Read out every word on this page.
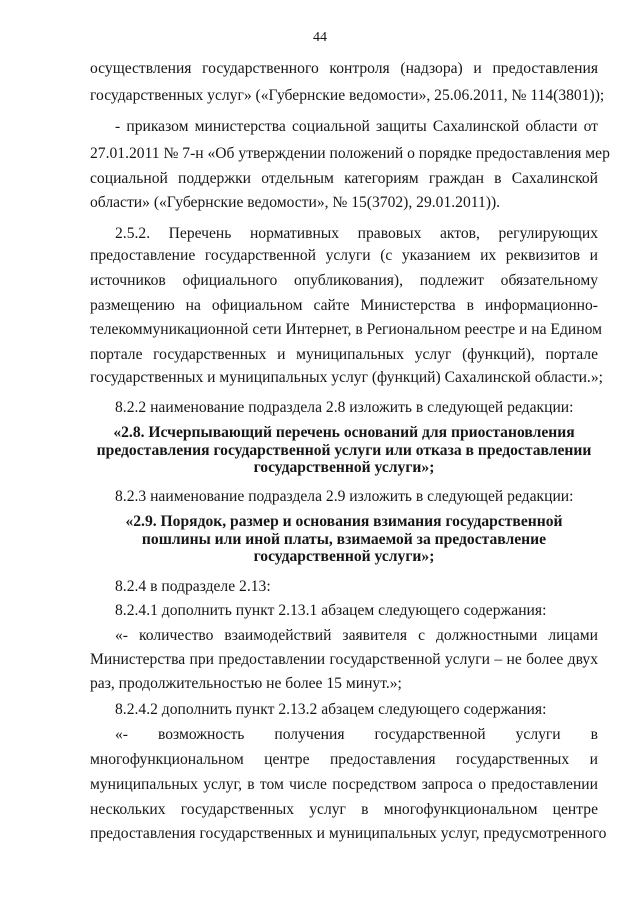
44
осуществления государственного контроля (надзора) и предоставления
государственных услуг» («Губернские ведомости», 25.06.2011, № 114(3801));
- приказом министерства социальной защиты Сахалинской области от
27.01.2011 № 7-н «Об утверждении положений о порядке предоставления мер
социальной поддержки отдельным категориям граждан в Сахалинской
области» («Губернские ведомости», № 15(3702), 29.01.2011)).
2.5.2. Перечень нормативных правовых актов, регулирующих
предоставление государственной услуги (с указанием их реквизитов и
источников официального опубликования), подлежит обязательному
размещению на официальном сайте Министерства в информационно-
телекоммуникационной сети Интернет, в Региональном реестре и на Едином
портале государственных и муниципальных услуг (функций), портале
государственных и муниципальных услуг (функций) Сахалинской области.»;
8.2.2 наименование подраздела 2.8 изложить в следующей редакции:
«2.8. Исчерпывающий перечень оснований для приостановления
предоставления государственной услуги или отказа в предоставлении
государственной услуги»;
8.2.3 наименование подраздела 2.9 изложить в следующей редакции:
«2.9. Порядок, размер и основания взимания государственной
пошлины или иной платы, взимаемой за предоставление
государственной услуги»;
8.2.4 в подразделе 2.13:
8.2.4.1 дополнить пункт 2.13.1 абзацем следующего содержания:
«- количество взаимодействий заявителя с должностными лицами
Министерства при предоставлении государственной услуги – не более двух
раз, продолжительностью не более 15 минут.»;
8.2.4.2 дополнить пункт 2.13.2 абзацем следующего содержания:
«- возможность получения государственной услуги в
многофункциональном центре предоставления государственных и
муниципальных услуг, в том числе посредством запроса о предоставлении
нескольких государственных услуг в многофункциональном центре
предоставления государственных и муниципальных услуг, предусмотренного
